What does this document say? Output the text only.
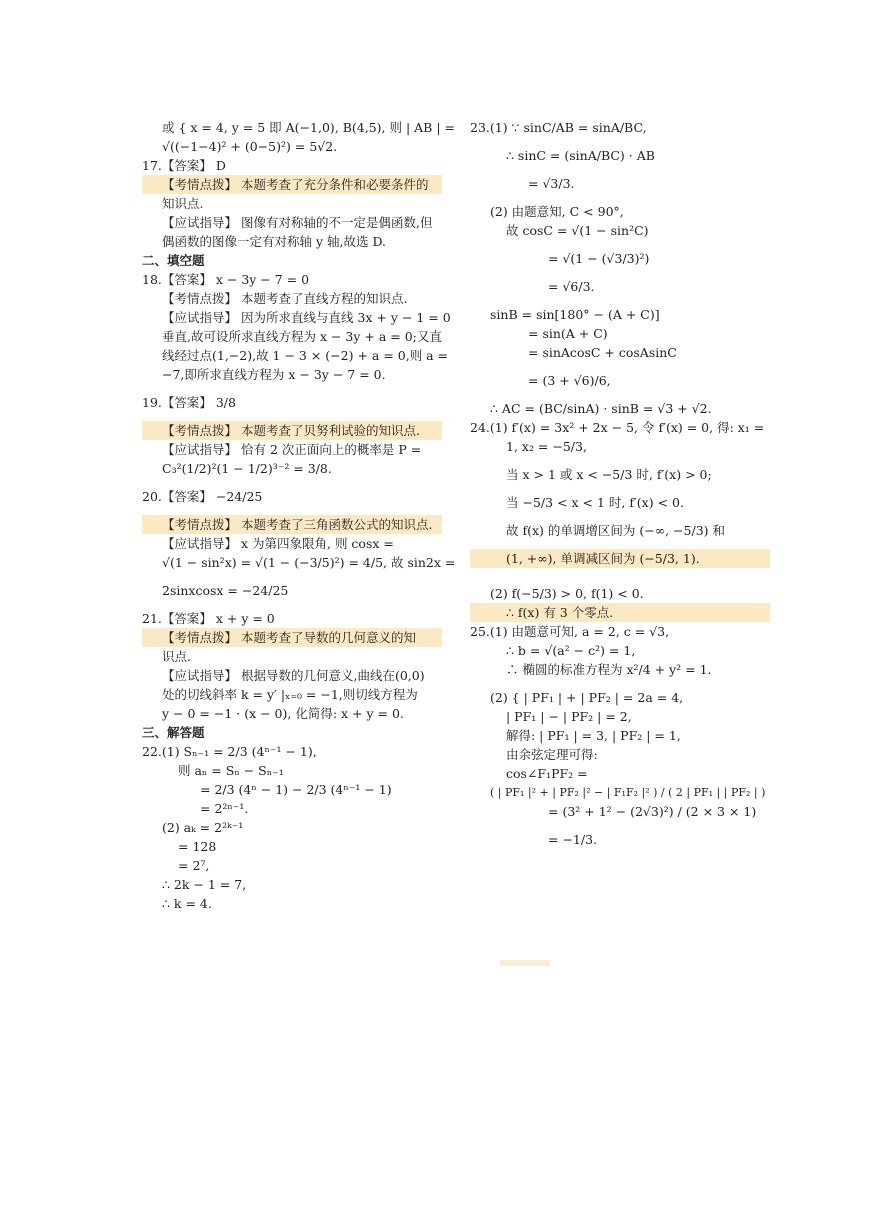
或 { x = 4, y = 5 即 A(−1,0), B(4,5), 则 | AB | =
√((−1−4)² + (0−5)²) = 5√2.
17.【答案】 D
【考情点拨】 本题考查了充分条件和必要条件的
知识点.
【应试指导】 图像有对称轴的不一定是偶函数,但
偶函数的图像一定有对称轴 y 轴,故选 D.
二、填空题
18.【答案】 x − 3y − 7 = 0
【考情点拨】 本题考查了直线方程的知识点.
【应试指导】 因为所求直线与直线 3x + y − 1 = 0
垂直,故可设所求直线方程为 x − 3y + a = 0;又直
线经过点(1,−2),故 1 − 3 × (−2) + a = 0,则 a =
−7,即所求直线方程为 x − 3y − 7 = 0.
19.【答案】 3/8
【考情点拨】 本题考查了贝努利试验的知识点.
【应试指导】 恰有 2 次正面向上的概率是 P =
C₃²(1/2)²(1 − 1/2)³⁻² = 3/8.
20.【答案】 −24/25
【考情点拨】 本题考查了三角函数公式的知识点.
【应试指导】 x 为第四象限角, 则 cosx =
√(1 − sin²x) = √(1 − (−3/5)²) = 4/5, 故 sin2x =
2sinxcosx = −24/25
21.【答案】 x + y = 0
【考情点拨】 本题考查了导数的几何意义的知
识点.
【应试指导】 根据导数的几何意义,曲线在(0,0)
处的切线斜率 k = y′ |ₓ₌₀ = −1,则切线方程为
y − 0 = −1 · (x − 0), 化简得: x + y = 0.
三、解答题
22.(1) Sₙ₋₁ = 2/3 (4ⁿ⁻¹ − 1),
则 aₙ = Sₙ − Sₙ₋₁
= 2/3 (4ⁿ − 1) − 2/3 (4ⁿ⁻¹ − 1)
= 2²ⁿ⁻¹.
(2) aₖ = 2²ᵏ⁻¹
= 128
= 2⁷,
∴ 2k − 1 = 7,
∴ k = 4.
23.(1) ∵ sinC/AB = sinA/BC,
∴ sinC = (sinA/BC) · AB
= √3/3.
(2) 由题意知, C < 90°,
故 cosC = √(1 − sin²C)
= √(1 − (√3/3)²)
= √6/3.
sinB = sin[180° − (A + C)]
= sin(A + C)
= sinAcosC + cosAsinC
= (3 + √6)/6,
∴ AC = (BC/sinA) · sinB = √3 + √2.
24.(1) f′(x) = 3x² + 2x − 5, 令 f′(x) = 0, 得: x₁ =
1, x₂ = −5/3,
当 x > 1 或 x < −5/3 时, f′(x) > 0;
当 −5/3 < x < 1 时, f′(x) < 0.
故 f(x) 的单调增区间为 (−∞, −5/3) 和
(1, +∞), 单调减区间为 (−5/3, 1).
(2) f(−5/3) > 0, f(1) < 0.
∴ f(x) 有 3 个零点.
25.(1) 由题意可知, a = 2, c = √3,
∴ b = √(a² − c²) = 1,
∴ 椭圆的标准方程为 x²/4 + y² = 1.
(2) { | PF₁ | + | PF₂ | = 2a = 4,
| PF₁ | − | PF₂ | = 2,
解得: | PF₁ | = 3, | PF₂ | = 1,
由余弦定理可得:
cos∠F₁PF₂ =
( | PF₁ |² + | PF₂ |² − | F₁F₂ |² ) / ( 2 | PF₁ | | PF₂ | )
= (3² + 1² − (2√3)²) / (2 × 3 × 1)
= −1/3.
